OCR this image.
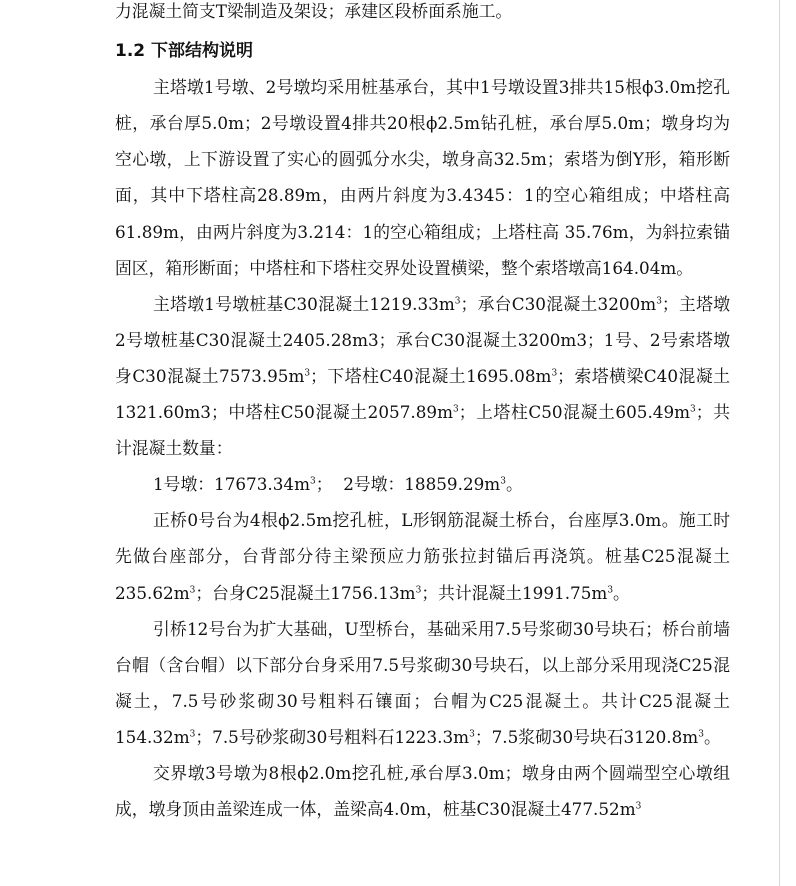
力混凝土简支T梁制造及架设；承建区段桥面系施工。

1.2 下部结构说明

主塔墩1号墩、2号墩均采用桩基承台，其中1号墩设置3排共15根ϕ3.0m挖孔桩，承台厚5.0m；2号墩设置4排共20根ϕ2.5m钻孔桩，承台厚5.0m；墩身均为空心墩，上下游设置了实心的圆弧分水尖，墩身高32.5m；索塔为倒Y形，箱形断面，其中下塔柱高28.89m，由两片斜度为3.4345：1的空心箱组成；中塔柱高61.89m，由两片斜度为3.214：1的空心箱组成；上塔柱高 35.76m，为斜拉索锚固区，箱形断面；中塔柱和下塔柱交界处设置横梁，整个索塔墩高164.04m。

主塔墩1号墩桩基C30混凝土$1219.33m^3$；承台C30混凝土$3200m^3$；主塔墩2号墩桩基C30混凝土2405.28m3；承台C30混凝土3200m3；1号、2号索塔墩身C30混凝土$7573.95m^3$；下塔柱C40混凝土$1695.08m^3$；索塔横梁C40混凝土1321.60m3；中塔柱C50混凝土$2057.89m^3$；上塔柱C50混凝土$605.49m^3$；共计混凝土数量：

1号墩：$17673.34m^3$；  2号墩：$18859.29m^3$。

正桥0号台为4根ϕ2.5m挖孔桩，L形钢筋混凝土桥台，台座厚3.0m。施工时先做台座部分，台背部分待主梁预应力筋张拉封锚后再浇筑。桩基C25混凝土$235.62m^3$；台身C25混凝土$1756.13m^3$；共计混凝土$1991.75m^3$。

引桥12号台为扩大基础，U型桥台，基础采用7.5号浆砌30号块石；桥台前墙台帽（含台帽）以下部分台身采用7.5号浆砌30号块石，以上部分采用现浇C25混凝土，7.5号砂浆砌30号粗料石镶面；台帽为C25混凝土。共计C25混凝土$154.32m^3$；7.5号砂浆砌30号粗料石$1223.3m^3$；7.5浆砌30号块石$3120.8m^3$。

交界墩3号墩为8根ϕ2.0m挖孔桩,承台厚3.0m；墩身由两个圆端型空心墩组成，墩身顶由盖梁连成一体，盖梁高4.0m，桩基C30混凝土$477.52m^3$
